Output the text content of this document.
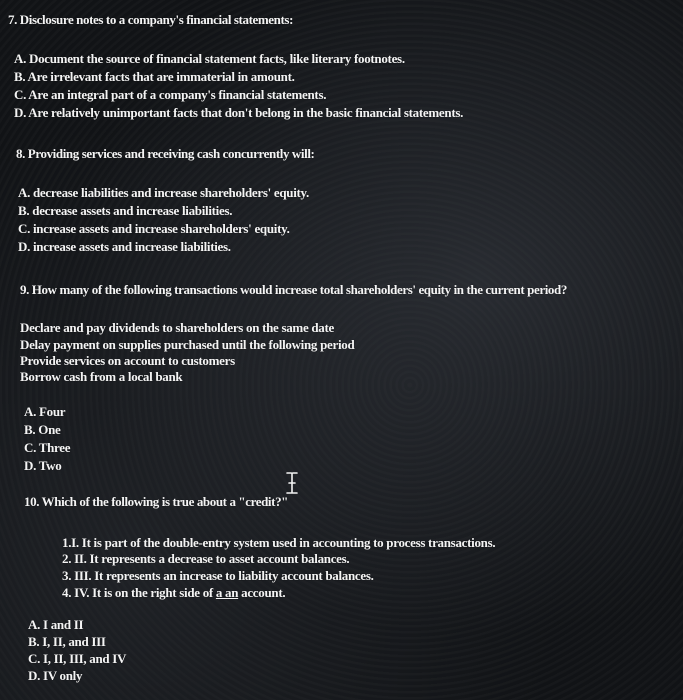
7. Disclosure notes to a company's financial statements:
A. Document the source of financial statement facts, like literary footnotes.
B. Are irrelevant facts that are immaterial in amount.
C. Are an integral part of a company's financial statements.
D. Are relatively unimportant facts that don't belong in the basic financial statements.
8. Providing services and receiving cash concurrently will:
A. decrease liabilities and increase shareholders' equity.
B. decrease assets and increase liabilities.
C. increase assets and increase shareholders' equity.
D. increase assets and increase liabilities.
9. How many of the following transactions would increase total shareholders' equity in the current period?
Declare and pay dividends to shareholders on the same date
Delay payment on supplies purchased until the following period
Provide services on account to customers
Borrow cash from a local bank
A. Four
B. One
C. Three
D. Two
10. Which of the following is true about a "credit?"
1.I. It is part of the double-entry system used in accounting to process transactions.
2. II. It represents a decrease to asset account balances.
3. III. It represents an increase to liability account balances.
4. IV. It is on the right side of a an account.
A. I and II
B. I, II, and III
C. I, II, III, and IV
D. IV only
